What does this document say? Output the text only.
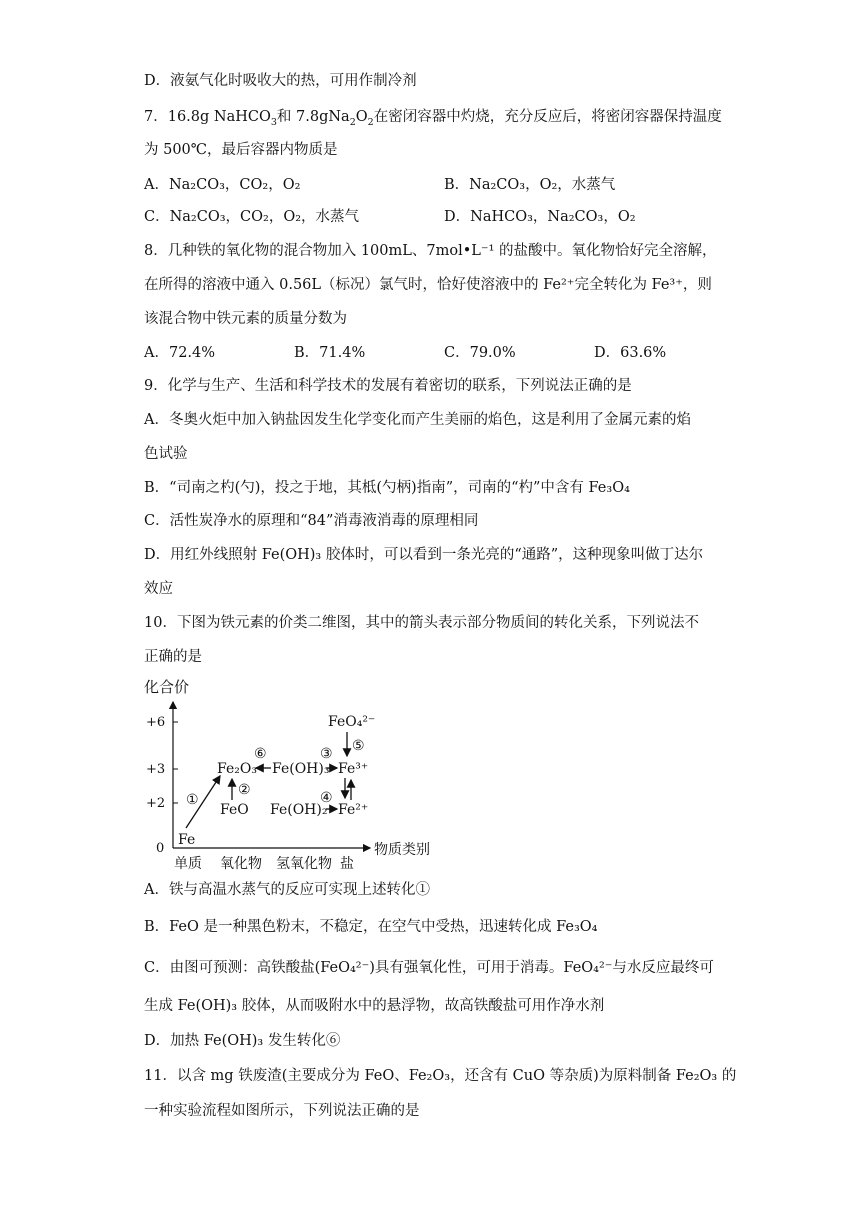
D．液氨气化时吸收大的热，可用作制冷剂
7．16.8g NaHCO$_3$和 $7.8gNa_2O_2$在密闭容器中灼烧，充分反应后，将密闭容器保持温度
为 500℃，最后容器内物质是
A．Na₂CO₃，CO₂，O₂	B．Na₂CO₃，O₂，水蒸气
C．Na₂CO₃，CO₂，O₂，水蒸气	D．NaHCO₃，Na₂CO₃，O₂
8．几种铁的氧化物的混合物加入 100mL、7mol•L⁻¹ 的盐酸中。氧化物恰好完全溶解，
在所得的溶液中通入 0.56L（标况）氯气时，恰好使溶液中的 Fe²⁺完全转化为 Fe³⁺，则
该混合物中铁元素的质量分数为
A．72.4%	B．71.4%	C．79.0%	D．63.6%
9．化学与生产、生活和科学技术的发展有着密切的联系，下列说法正确的是
A．冬奥火炬中加入钠盐因发生化学变化而产生美丽的焰色，这是利用了金属元素的焰
色试验
B．“司南之杓(勺)，投之于地，其柢(勺柄)指南”，司南的“杓”中含有 Fe₃O₄
C．活性炭净水的原理和“84”消毒液消毒的原理相同
D．用红外线照射 Fe(OH)₃ 胶体时，可以看到一条光亮的“通路”，这种现象叫做丁达尔
效应
10．下图为铁元素的价类二维图，其中的箭头表示部分物质间的转化关系，下列说法不
正确的是
化合价
物质类别
+6
+3
+2
0
单质 氧化物 氢氧化物 盐
Fe
FeO
Fe₂O₃ Fe(OH)₃
Fe(OH)₂
Fe³⁺
Fe²⁺
FeO₄²⁻
①
②
⑥	③ ⑤
④
A．铁与高温水蒸气的反应可实现上述转化①
B．FeO 是一种黑色粉末，不稳定，在空气中受热，迅速转化成 Fe₃O₄
C．由图可预测：高铁酸盐(FeO₄²⁻)具有强氧化性，可用于消毒。FeO₄²⁻与水反应最终可
生成 Fe(OH)₃ 胶体，从而吸附水中的悬浮物，故高铁酸盐可用作净水剂
D．加热 Fe(OH)₃ 发生转化⑥
11．以含 mg 铁废渣(主要成分为 FeO、Fe₂O₃，还含有 CuO 等杂质)为原料制备 Fe₂O₃ 的
一种实验流程如图所示，下列说法正确的是
